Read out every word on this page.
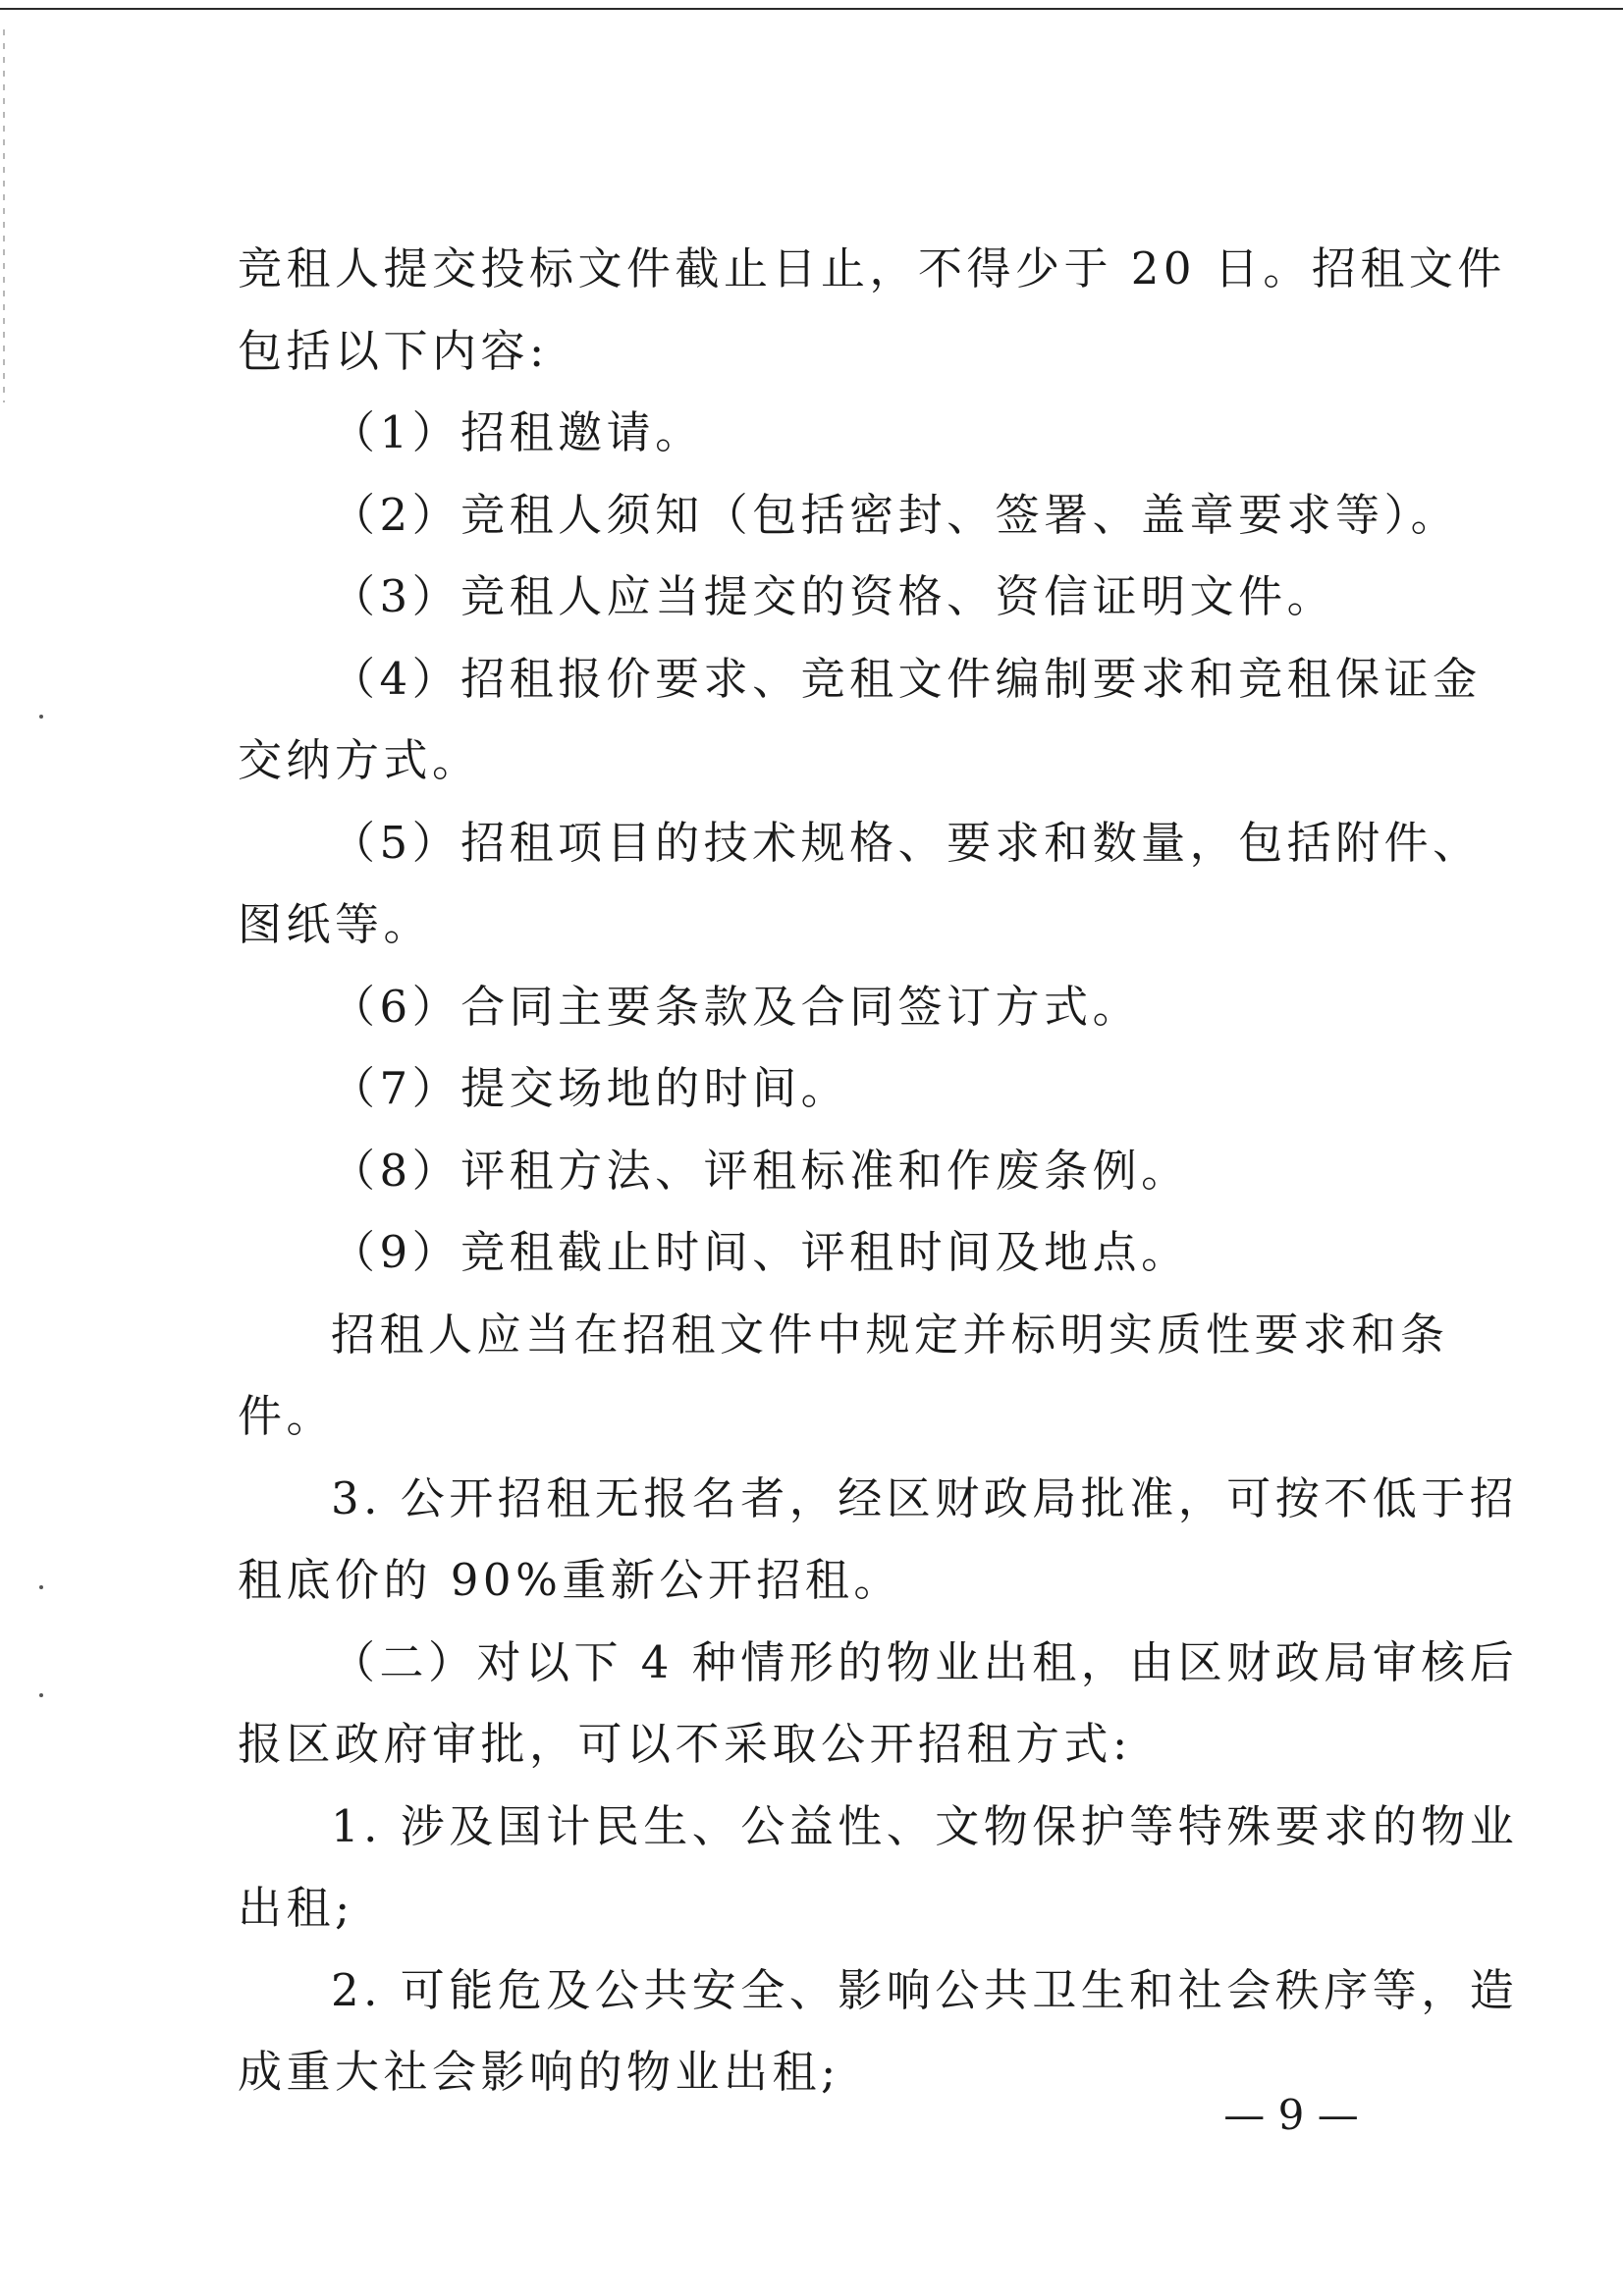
竞租人提交投标文件截止日止，不得少于 20 日。招租文件
包括以下内容:
（1）招租邀请。
（2）竞租人须知（包括密封、签署、盖章要求等）。
（3）竞租人应当提交的资格、资信证明文件。
（4）招租报价要求、竞租文件编制要求和竞租保证金
交纳方式。
（5）招租项目的技术规格、要求和数量，包括附件、
图纸等。
（6）合同主要条款及合同签订方式。
（7）提交场地的时间。
（8）评租方法、评租标准和作废条例。
（9）竞租截止时间、评租时间及地点。
招租人应当在招租文件中规定并标明实质性要求和条
件。
3. 公开招租无报名者，经区财政局批准，可按不低于招
租底价的 90%重新公开招租。
（二）对以下 4 种情形的物业出租，由区财政局审核后
报区政府审批，可以不采取公开招租方式:
1. 涉及国计民生、公益性、文物保护等特殊要求的物业
出租;
2. 可能危及公共安全、影响公共卫生和社会秩序等，造
成重大社会影响的物业出租;
— 9 —
